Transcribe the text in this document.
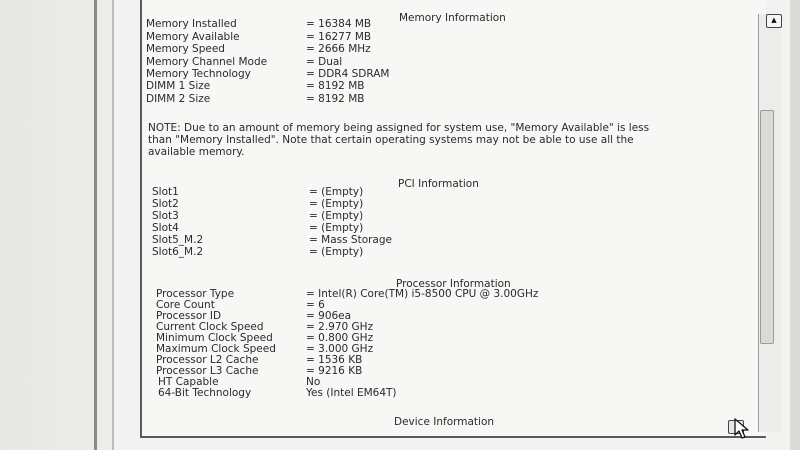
Memory Information
Memory Installed	= 16384 MB
Memory Available	= 16277 MB
Memory Speed	= 2666 MHz
Memory Channel Mode	= Dual
Memory Technology	= DDR4 SDRAM
DIMM 1 Size	= 8192 MB
DIMM 2 Size	= 8192 MB
NOTE: Due to an amount of memory being assigned for system use, "Memory Available" is less
than "Memory Installed". Note that certain operating systems may not be able to use all the
available memory.
PCI Information
Slot1	= (Empty)
Slot2	= (Empty)
Slot3	= (Empty)
Slot4	= (Empty)
Slot5_M.2	= Mass Storage
Slot6_M.2	= (Empty)
Processor Information
Processor Type	= Intel(R) Core(TM) i5-8500 CPU @ 3.00GHz
Core Count	= 6
Processor ID	= 906ea
Current Clock Speed	= 2.970 GHz
Minimum Clock Speed	= 0.800 GHz
Maximum Clock Speed	= 3.000 GHz
Processor L2 Cache	= 1536 KB
Processor L3 Cache	= 9216 KB
HT Capable	No
64-Bit Technology	Yes (Intel EM64T)
Device Information
▲
